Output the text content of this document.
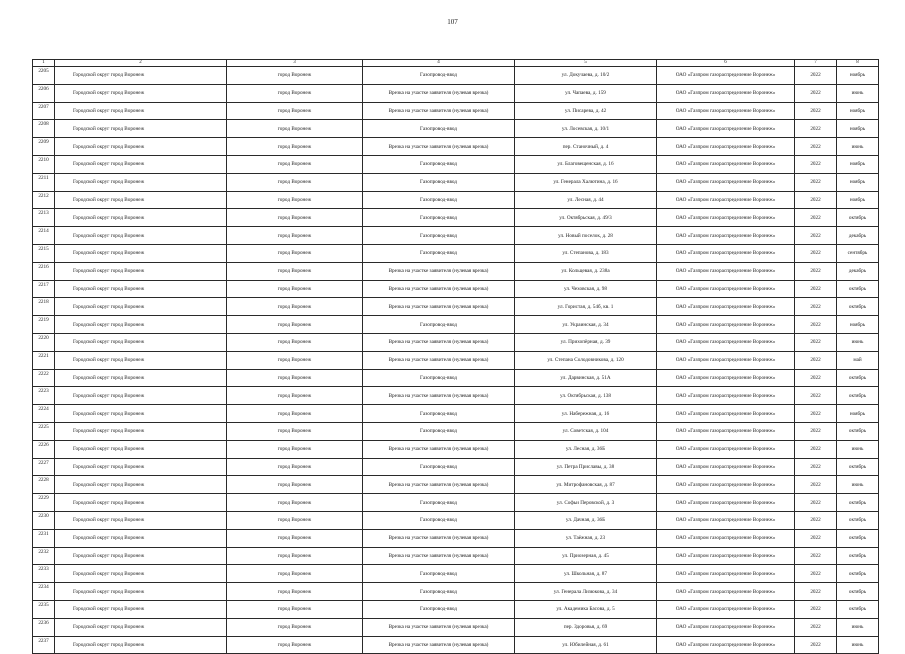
107
1	2	3	4	5	6	7	8
2205	Городской округ город Воронеж	город Воронеж	Газопровод-ввод	ул. Докучаева, д. 10/2	ОАО «Газпром газораспределение Воронеж»	2022	ноябрь
2206	Городской округ город Воронеж	город Воронеж	Врезка на участке заявителя (нулевая врезка)	ул. Чапаева, д. 159	ОАО «Газпром газораспределение Воронеж»	2022	июнь
2207	Городской округ город Воронеж	город Воронеж	Врезка на участке заявителя (нулевая врезка)	ул. Писарева, д. 42	ОАО «Газпром газораспределение Воронеж»	2022	ноябрь
2208	Городской округ город Воронеж	город Воронеж	Газопровод-ввод	ул. Лосевская, д. 10/1	ОАО «Газпром газораспределение Воронеж»	2022	ноябрь
2209	Городской округ город Воронеж	город Воронеж	Врезка на участке заявителя (нулевая врезка)	пер. Станочный, д. 4	ОАО «Газпром газораспределение Воронеж»	2022	июнь
2210	Городской округ город Воронеж	город Воронеж	Газопровод-ввод	ул. Благовещенская, д. 16	ОАО «Газпром газораспределение Воронеж»	2022	ноябрь
2211	Городской округ город Воронеж	город Воронеж	Газопровод-ввод	ул. Генерала Халютина, д. 16	ОАО «Газпром газораспределение Воронеж»	2022	ноябрь
2212	Городской округ город Воронеж	город Воронеж	Газопровод-ввод	ул. Лесная, д. 44	ОАО «Газпром газораспределение Воронеж»	2022	ноябрь
2213	Городской округ город Воронеж	город Воронеж	Газопровод-ввод	ул. Октябрьская, д. 49/3	ОАО «Газпром газораспределение Воронеж»	2022	октябрь
2214	Городской округ город Воронеж	город Воронеж	Газопровод-ввод	ул. Новый поселок, д. 28	ОАО «Газпром газораспределение Воронеж»	2022	декабрь
2215	Городской округ город Воронеж	город Воронеж	Газопровод-ввод	ул. Степанова, д. 183	ОАО «Газпром газораспределение Воронеж»	2022	сентябрь
2216	Городской округ город Воронеж	город Воронеж	Врезка на участке заявителя (нулевая врезка)	ул. Кольцевая, д. 238а	ОАО «Газпром газораспределение Воронеж»	2022	декабрь
2217	Городской округ город Воронеж	город Воронеж	Врезка на участке заявителя (нулевая врезка)	ул. Чеховская, д. 98	ОАО «Газпром газораспределение Воронеж»	2022	октябрь
2218	Городской округ город Воронеж	город Воронеж	Врезка на участке заявителя (нулевая врезка)	ул. Гористая, д. 54б, кв. 1	ОАО «Газпром газораспределение Воронеж»	2022	октябрь
2219	Городской округ город Воронеж	город Воронеж	Газопровод-ввод	ул. Украинская, д. 34	ОАО «Газпром газораспределение Воронеж»	2022	ноябрь
2220	Городской округ город Воронеж	город Воронеж	Врезка на участке заявителя (нулевая врезка)	ул. Прихопёрная, д. 39	ОАО «Газпром газораспределение Воронеж»	2022	июнь
2221	Городской округ город Воронеж	город Воронеж	Врезка на участке заявителя (нулевая врезка)	ул. Степана Солодовникова, д. 120	ОАО «Газпром газораспределение Воронеж»	2022	май
2222	Городской округ город Воронеж	город Воронеж	Газопровод-ввод	ул. Дарвинская, д. 51А	ОАО «Газпром газораспределение Воронеж»	2022	октябрь
2223	Городской округ город Воронеж	город Воронеж	Врезка на участке заявителя (нулевая врезка)	ул. Октябрьская, д. 138	ОАО «Газпром газораспределение Воронеж»	2022	октябрь
2224	Городской округ город Воронеж	город Воронеж	Газопровод-ввод	ул. Набережная, д. 16	ОАО «Газпром газораспределение Воронеж»	2022	ноябрь
2225	Городской округ город Воронеж	город Воронеж	Газопровод-ввод	ул. Советская, д. 104	ОАО «Газпром газораспределение Воронеж»	2022	октябрь
2226	Городской округ город Воронеж	город Воронеж	Врезка на участке заявителя (нулевая врезка)	ул. Лесная, д. 36Б	ОАО «Газпром газораспределение Воронеж»	2022	июнь
2227	Городской округ город Воронеж	город Воронеж	Газопровод-ввод	ул. Петра Приславы, д. 38	ОАО «Газпром газораспределение Воронеж»	2022	октябрь
2228	Городской округ город Воронеж	город Воронеж	Врезка на участке заявителя (нулевая врезка)	ул. Митрофановская, д. 87	ОАО «Газпром газораспределение Воронеж»	2022	июнь
2229	Городской округ город Воронеж	город Воронеж	Газопровод-ввод	ул. Софьи Перовской, д. 3	ОАО «Газпром газораспределение Воронеж»	2022	октябрь
2230	Городской округ город Воронеж	город Воронеж	Газопровод-ввод	ул. Дачная, д. 36Б	ОАО «Газпром газораспределение Воронеж»	2022	октябрь
2231	Городской округ город Воронеж	город Воронеж	Врезка на участке заявителя (нулевая врезка)	ул. Таёжная, д. 23	ОАО «Газпром газораспределение Воронеж»	2022	октябрь
2232	Городской округ город Воронеж	город Воронеж	Врезка на участке заявителя (нулевая врезка)	ул. Приозерная, д. 45	ОАО «Газпром газораспределение Воронеж»	2022	октябрь
2233	Городской округ город Воронеж	город Воронеж	Газопровод-ввод	ул. Школьная, д. 87	ОАО «Газпром газораспределение Воронеж»	2022	октябрь
2234	Городской округ город Воронеж	город Воронеж	Газопровод-ввод	ул. Генерала Лизюкова, д. 34	ОАО «Газпром газораспределение Воронеж»	2022	октябрь
2235	Городской округ город Воронеж	город Воронеж	Газопровод-ввод	ул. Академика Басова, д. 5	ОАО «Газпром газораспределение Воронеж»	2022	октябрь
2236	Городской округ город Воронеж	город Воронеж	Врезка на участке заявителя (нулевая врезка)	пер. Здоровья, д. 69	ОАО «Газпром газораспределение Воронеж»	2022	июнь
2237	Городской округ город Воронеж	город Воронеж	Врезка на участке заявителя (нулевая врезка)	ул. Юбилейная, д. 61	ОАО «Газпром газораспределение Воронеж»	2022	июнь
